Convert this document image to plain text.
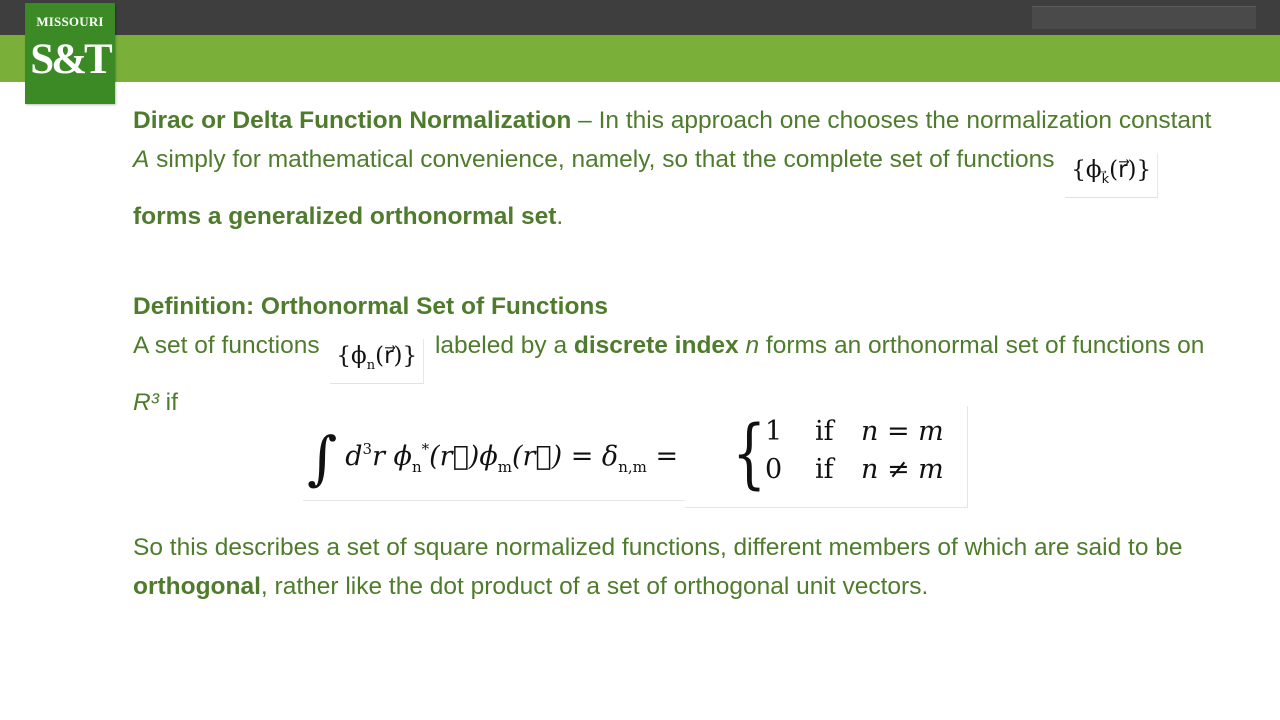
MISSOURI
S&T

Dirac or Delta Function Normalization – In this approach one chooses the normalization constant A simply for mathematical convenience, namely, so that the complete set of functions $\{\phi_{k⃗}(r⃗)\}forms$ a generalized orthonormal set.

Definition: Orthonormal Set of Functions

A set of functions $\{\phi_n(r⃗)\}$ labeled by a discrete index n forms an orthonormal set of functions on R³ if

∫ $d^3r$ $\phi_n^*(r⃗)\phi_m(r⃗) = \delta_{n,m}$ = {
1 if n = m
0 if n ≠ m

So this describes a set of square normalized functions, different members of which are said to be orthogonal, rather like the dot product of a set of orthogonal unit vectors.
